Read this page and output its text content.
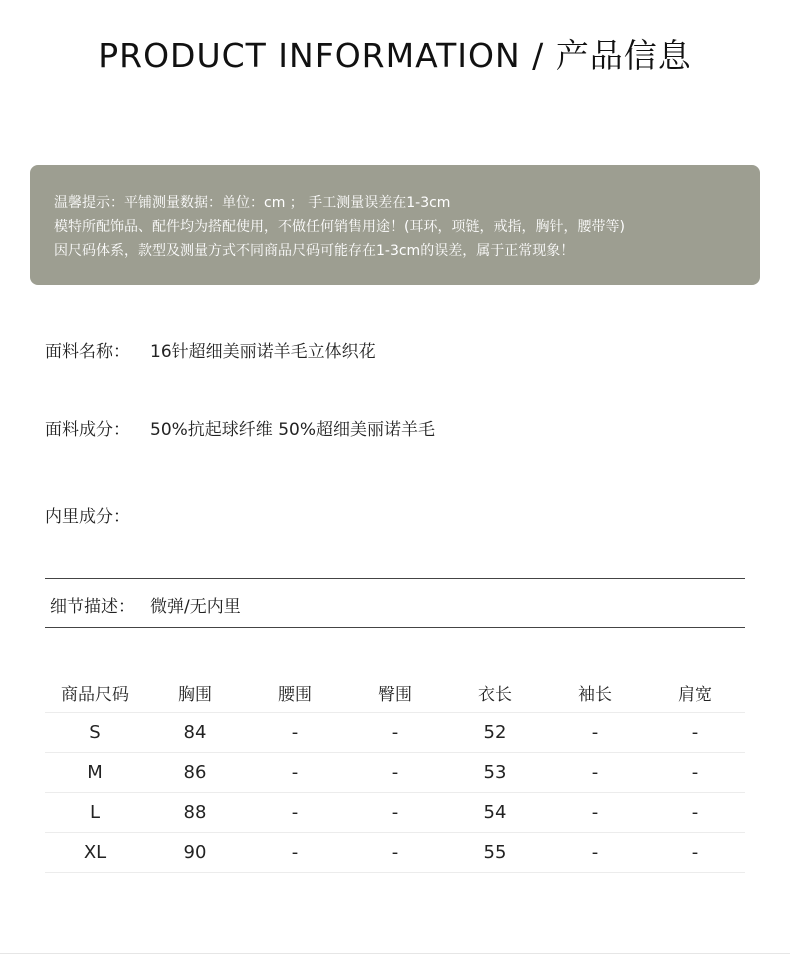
PRODUCT INFORMATION / 产品信息
温馨提示：平铺测量数据：单位：cm ； 手工测量误差在1-3cm
模特所配饰品、配件均为搭配使用，不做任何销售用途！(耳环，项链，戒指，胸针，腰带等)
因尺码体系，款型及测量方式不同商品尺码可能存在1-3cm的误差，属于正常现象！
面料名称： 16针超细美丽诺羊毛立体织花
面料成分： 50%抗起球纤维 50%超细美丽诺羊毛
内里成分：
细节描述： 微弹/无内里
商品尺码	胸围	腰围	臀围	衣长	袖长	肩宽
S	84	-	-	52	-	-
M	86	-	-	53	-	-
L	88	-	-	54	-	-
XL	90	-	-	55	-	-
